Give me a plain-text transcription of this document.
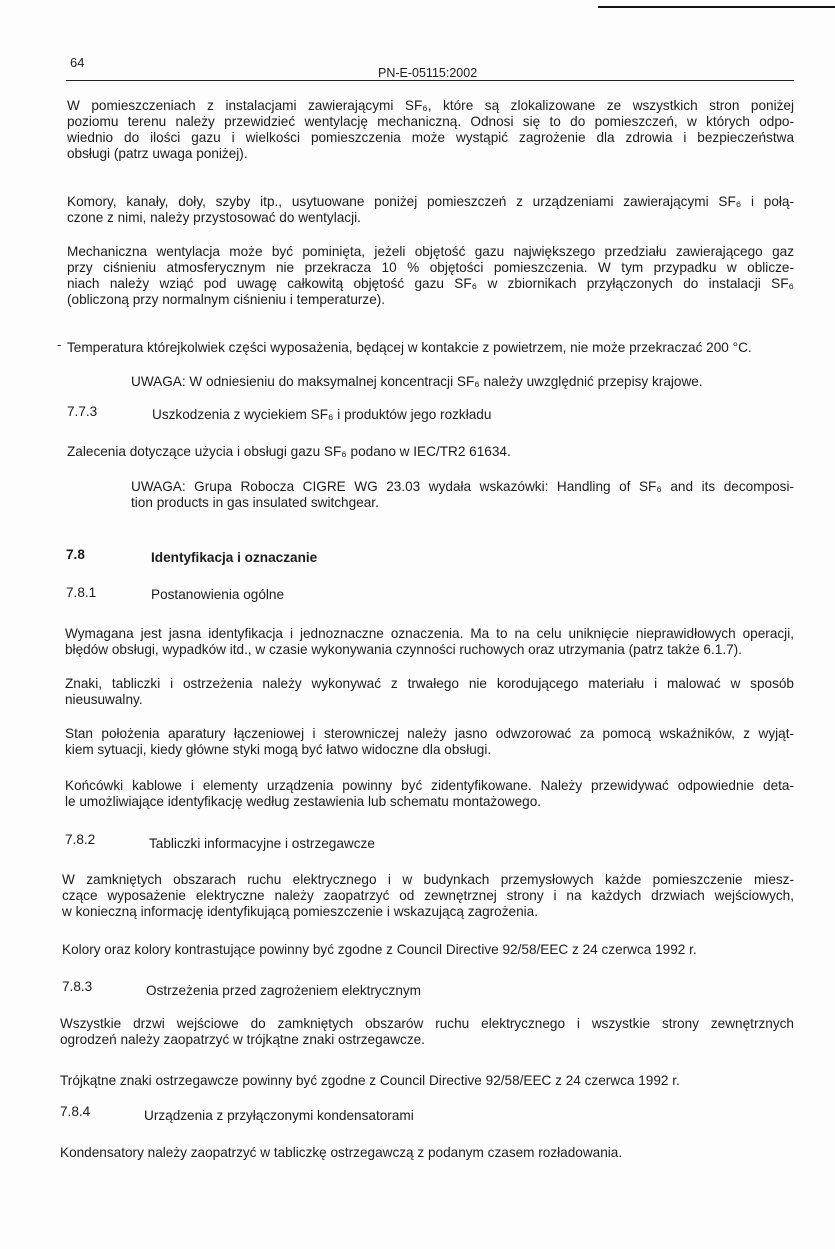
64
PN-E-05115:2002

W pomieszczeniach z instalacjami zawierającymi SF₆, które są zlokalizowane ze wszystkich stron poniżej

poziomu terenu należy przewidzieć wentylację mechaniczną. Odnosi się to do pomieszczeń, w których odpo-

wiednio do ilości gazu i wielkości pomieszczenia może wystąpić zagrożenie dla zdrowia i bezpieczeństwa

obsługi (patrz uwaga poniżej).

Komory, kanały, doły, szyby itp., usytuowane poniżej pomieszczeń z urządzeniami zawierającymi SF₆ i połą-

czone z nimi, należy przystosować do wentylacji.

Mechaniczna wentylacja może być pominięta, jeżeli objętość gazu największego przedziału zawierającego gaz

przy ciśnieniu atmosferycznym nie przekracza 10 % objętości pomieszczenia. W tym przypadku w oblicze-

niach należy wziąć pod uwagę całkowitą objętość gazu SF₆ w zbiornikach przyłączonych do instalacji SF₆

(obliczoną przy normalnym ciśnieniu i temperaturze).

- Temperatura którejkolwiek części wyposażenia, będącej w kontakcie z powietrzem, nie może przekraczać 200 °C.

UWAGA: W odniesieniu do maksymalnej koncentracji SF₆ należy uwzględnić przepisy krajowe.

7.7.3	Uszkodzenia z wyciekiem SF₆ i produktów jego rozkładu

Zalecenia dotyczące użycia i obsługi gazu SF₆ podano w IEC/TR2 61634.

UWAGA: Grupa Robocza CIGRE WG 23.03 wydała wskazówki: Handling of SF₆ and its decomposi-

tion products in gas insulated switchgear.

7.8	Identyfikacja i oznaczanie
7.8.1	Postanowienia ogólne

Wymagana jest jasna identyfikacja i jednoznaczne oznaczenia. Ma to na celu uniknięcie nieprawidłowych operacji,

błędów obsługi, wypadków itd., w czasie wykonywania czynności ruchowych oraz utrzymania (patrz także 6.1.7).

Znaki, tabliczki i ostrzeżenia należy wykonywać z trwałego nie korodującego materiału i malować w sposób

nieusuwalny.

Stan położenia aparatury łączeniowej i sterowniczej należy jasno odwzorować za pomocą wskaźników, z wyjąt-

kiem sytuacji, kiedy główne styki mogą być łatwo widoczne dla obsługi.

Końcówki kablowe i elementy urządzenia powinny być zidentyfikowane. Należy przewidywać odpowiednie deta-

le umożliwiające identyfikację według zestawienia lub schematu montażowego.

7.8.2	Tabliczki informacyjne i ostrzegawcze

W zamkniętych obszarach ruchu elektrycznego i w budynkach przemysłowych każde pomieszczenie miesz-

czące wyposażenie elektryczne należy zaopatrzyć od zewnętrznej strony i na każdych drzwiach wejściowych,

w konieczną informację identyfikującą pomieszczenie i wskazującą zagrożenia.

Kolory oraz kolory kontrastujące powinny być zgodne z Council Directive 92/58/EEC z 24 czerwca 1992 r.

7.8.3	Ostrzeżenia przed zagrożeniem elektrycznym

Wszystkie drzwi wejściowe do zamkniętych obszarów ruchu elektrycznego i wszystkie strony zewnętrznych

ogrodzeń należy zaopatrzyć w trójkątne znaki ostrzegawcze.

Trójkątne znaki ostrzegawcze powinny być zgodne z Council Directive 92/58/EEC z 24 czerwca 1992 r.

7.8.4	Urządzenia z przyłączonymi kondensatorami

Kondensatory należy zaopatrzyć w tabliczkę ostrzegawczą z podanym czasem rozładowania.
